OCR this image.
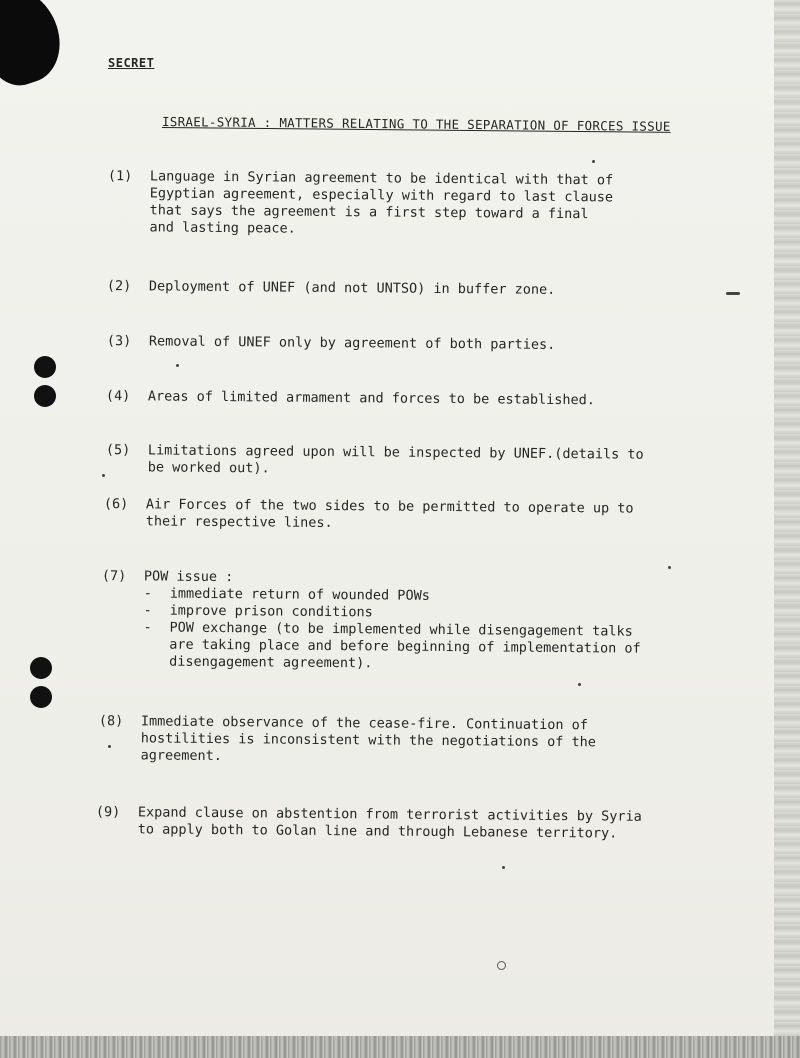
SECRET
ISRAEL-SYRIA : MATTERS RELATING TO THE SEPARATION OF FORCES ISSUE
(1)	Language in Syrian agreement to be identical with that of
Egyptian agreement, especially with regard to last clause
that says the agreement is a first step toward a final
and lasting peace.
(2)	Deployment of UNEF (and not UNTSO) in buffer zone.
(3)	Removal of UNEF only by agreement of both parties.
(4)	Areas of limited armament and forces to be established.
(5)	Limitations agreed upon will be inspected by UNEF.(details to
be worked out).
(6)	Air Forces of the two sides to be permitted to operate up to
their respective lines.
(7)	POW issue :
- immediate return of wounded POWs
- improve prison conditions
- POW exchange (to be implemented while disengagement talks
are taking place and before beginning of implementation of
disengagement agreement).
(8)	Immediate observance of the cease-fire. Continuation of
hostilities is inconsistent with the negotiations of the
agreement.
(9)	Expand clause on abstention from terrorist activities by Syria
to apply both to Golan line and through Lebanese territory.
